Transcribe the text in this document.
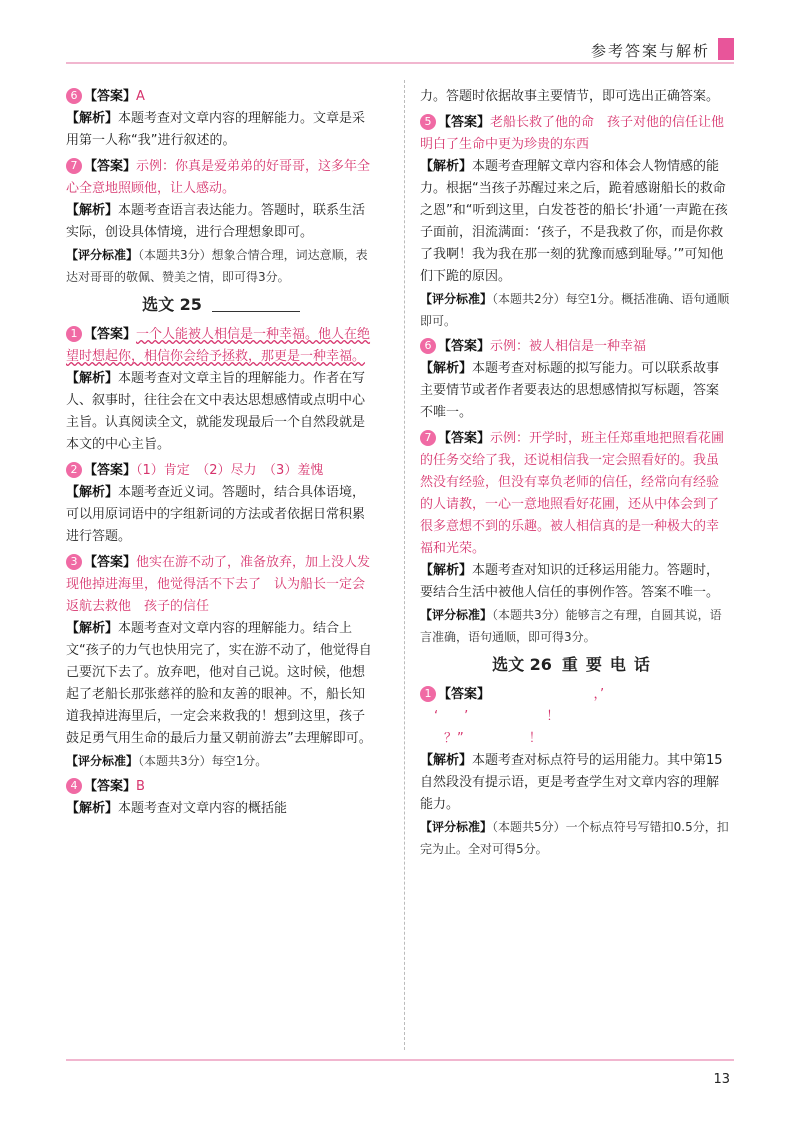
参考答案与解析

6 【答案】A

【解析】本题考查对文章内容的理解能力。文章是采用第一人称“我”进行叙述的。

7 【答案】示例：你真是爱弟弟的好哥哥，这多年全心全意地照顾他，让人感动。

【解析】本题考查语言表达能力。答题时，联系生活实际，创设具体情境，进行合理想象即可。

【评分标准】（本题共3分）想象合情合理，词达意顺，表达对哥哥的敬佩、赞美之情，即可得3分。

选文 25

1 【答案】一个人能被人相信是一种幸福。他人在绝望时想起你，相信你会给予拯救，那更是一种幸福。

【解析】本题考查对文章主旨的理解能力。作者在写人、叙事时，往往会在文中表达思想感情或点明中心主旨。认真阅读全文，就能发现最后一个自然段就是本文的中心主旨。

2 【答案】（1）肯定　（2）尽力　（3）羞愧

【解析】本题考查近义词。答题时，结合具体语境，可以用原词语中的字组新词的方法或者依据日常积累进行答题。

3 【答案】他实在游不动了，准备放弃，加上没人发现他掉进海里，他觉得活不下去了　认为船长一定会返航去救他　孩子的信任

【解析】本题考查对文章内容的理解能力。结合上文“孩子的力气也快用完了，实在游不动了，他觉得自己要沉下去了。放弃吧，他对自己说。这时候，他想起了老船长那张慈祥的脸和友善的眼神。不，船长知道我掉进海里后，一定会来救我的！想到这里，孩子鼓足勇气用生命的最后力量又朝前游去”去理解即可。

【评分标准】（本题共3分）每空1分。

4 【答案】B

【解析】本题考查对文章内容的概括能

力。答题时依据故事主要情节，即可选出正确答案。

5 【答案】老船长救了他的命　孩子对他的信任让他明白了生命中更为珍贵的东西

【解析】本题考查理解文章内容和体会人物情感的能力。根据“当孩子苏醒过来之后，跪着感谢船长的救命之恩”和“听到这里，白发苍苍的船长‘扑通’一声跪在孩子面前，泪流满面：‘孩子，不是我救了你，而是你救了我啊！我为我在那一刻的犹豫而感到耻辱。’”可知他们下跪的原因。

【评分标准】（本题共2分）每空1分。概括准确、语句通顺即可。

6 【答案】示例：被人相信是一种幸福

【解析】本题考查对标题的拟写能力。可以联系故事主要情节或者作者要表达的思想感情拟写标题，答案不唯一。

7 【答案】示例：开学时，班主任郑重地把照看花圃的任务交给了我，还说相信我一定会照看好的。我虽然没有经验，但没有辜负老师的信任，经常向有经验的人请教，一心一意地照看好花圃，还从中体会到了很多意想不到的乐趣。被人相信真的是一种极大的幸福和光荣。

【解析】本题考查对知识的迁移运用能力。答题时，要结合生活中被他人信任的事例作答。答案不唯一。

【评分标准】（本题共3分）能够言之有理，自圆其说，语言准确，语句通顺，即可得3分。

选文 26 重要电话

1 【答案】	，’

‘　　’　　　　　　！

？”　　　　　！

【解析】本题考查对标点符号的运用能力。其中第15自然段没有提示语，更是考查学生对文章内容的理解能力。

【评分标准】（本题共5分）一个标点符号写错扣0.5分，扣完为止。全对可得5分。

13
